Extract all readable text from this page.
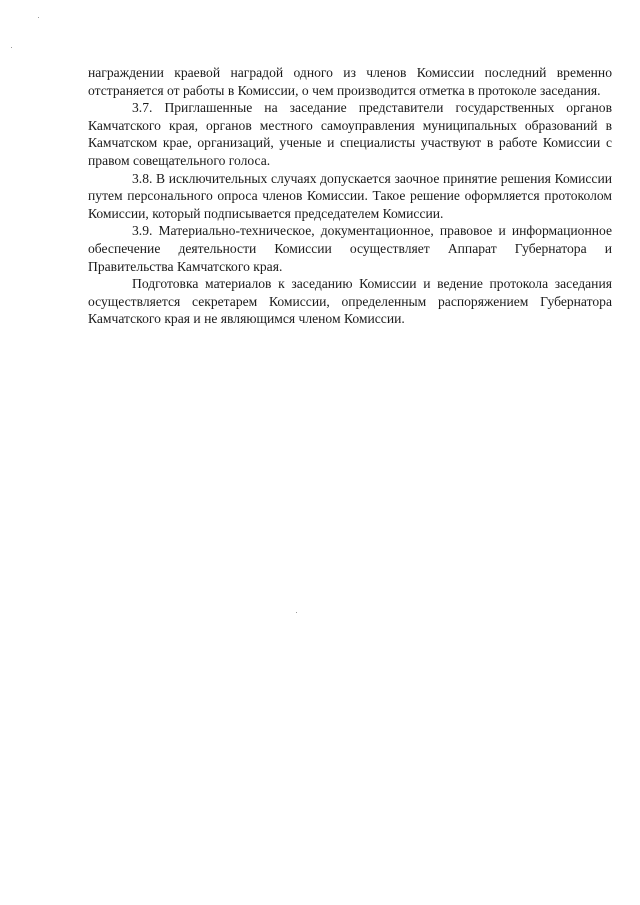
награждении краевой наградой одного из членов Комиссии последний временно отстраняется от работы в Комиссии, о чем производится отметка в протоколе заседания.

3.7. Приглашенные на заседание представители государственных органов Камчатского края, органов местного самоуправления муниципальных образований в Камчатском крае, организаций, ученые и специалисты участвуют в работе Комиссии с правом совещательного голоса.

3.8. В исключительных случаях допускается заочное принятие решения Комиссии путем персонального опроса членов Комиссии. Такое решение оформляется протоколом Комиссии, который подписывается председателем Комиссии.

3.9. Материально-техническое, документационное, правовое и информационное обеспечение деятельности Комиссии осуществляет Аппарат Губернатора и Правительства Камчатского края.

Подготовка материалов к заседанию Комиссии и ведение протокола заседания осуществляется секретарем Комиссии, определенным распоряжением Губернатора Камчатского края и не являющимся членом Комиссии.
